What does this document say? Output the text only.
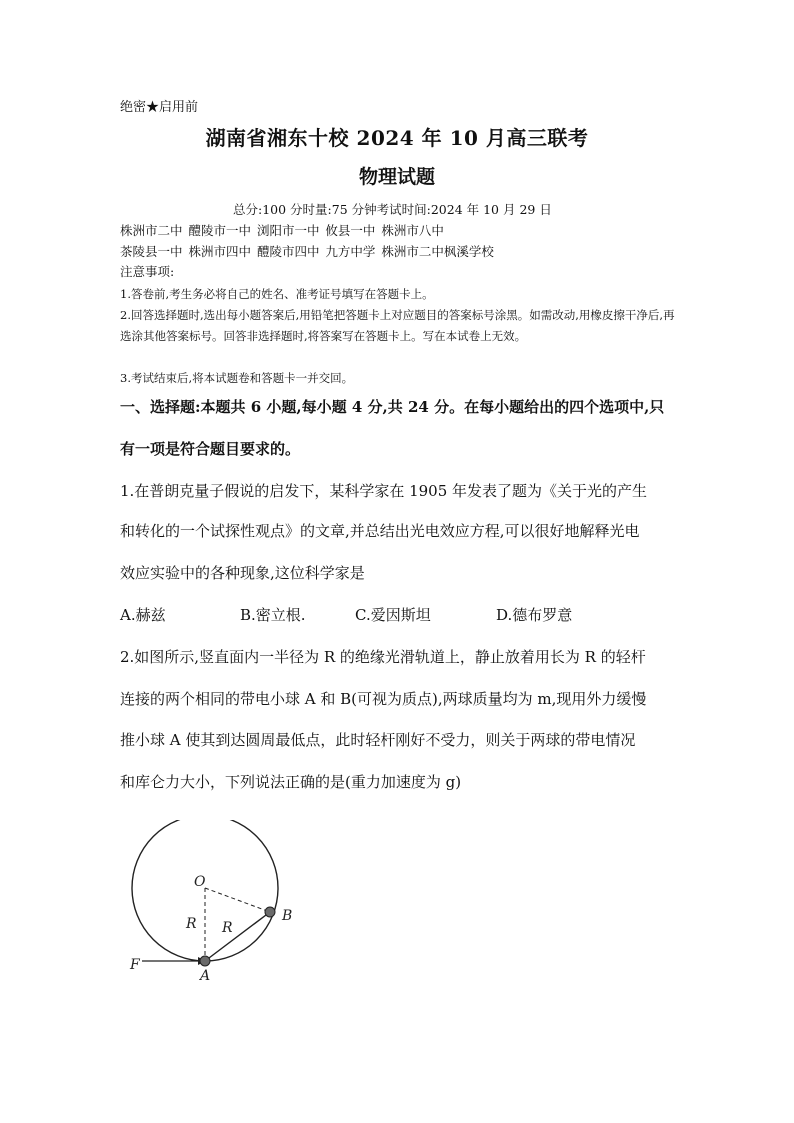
绝密★启用前
湖南省湘东十校 2024 年 10 月高三联考
物理试题
总分:100 分时量:75 分钟考试时间:2024 年 10 月 29 日
株洲市二中 醴陵市一中 浏阳市一中 攸县一中 株洲市八中
茶陵县一中 株洲市四中 醴陵市四中 九方中学 株洲市二中枫溪学校
注意事项:
1.答卷前,考生务必将自己的姓名、准考证号填写在答题卡上。
2.回答选择题时,选出每小题答案后,用铅笔把答题卡上对应题目的答案标号涂黑。如需改动,用橡皮擦干净后,再选涂其他答案标号。回答非选择题时,将答案写在答题卡上。写在本试卷上无效。
3.考试结束后,将本试题卷和答题卡一并交回。
一、选择题:本题共 6 小题,每小题 4 分,共 24 分。在每小题给出的四个选项中,只
有一项是符合题目要求的。
1.在普朗克量子假说的启发下，某科学家在 1905 年发表了题为《关于光的产生
和转化的一个试探性观点》的文章,并总结出光电效应方程,可以很好地解释光电
效应实验中的各种现象,这位科学家是
A.赫兹	B.密立根.	C.爱因斯坦	D.德布罗意
2.如图所示,竖直面内一半径为 R 的绝缘光滑轨道上，静止放着用长为 R 的轻杆
连接的两个相同的带电小球 A 和 B(可视为质点),两球质量均为 m,现用外力缓慢
推小球 A 使其到达圆周最低点，此时轻杆刚好不受力，则关于两球的带电情况
和库仑力大小，下列说法正确的是(重力加速度为 g)
O
R R
A
B
F
